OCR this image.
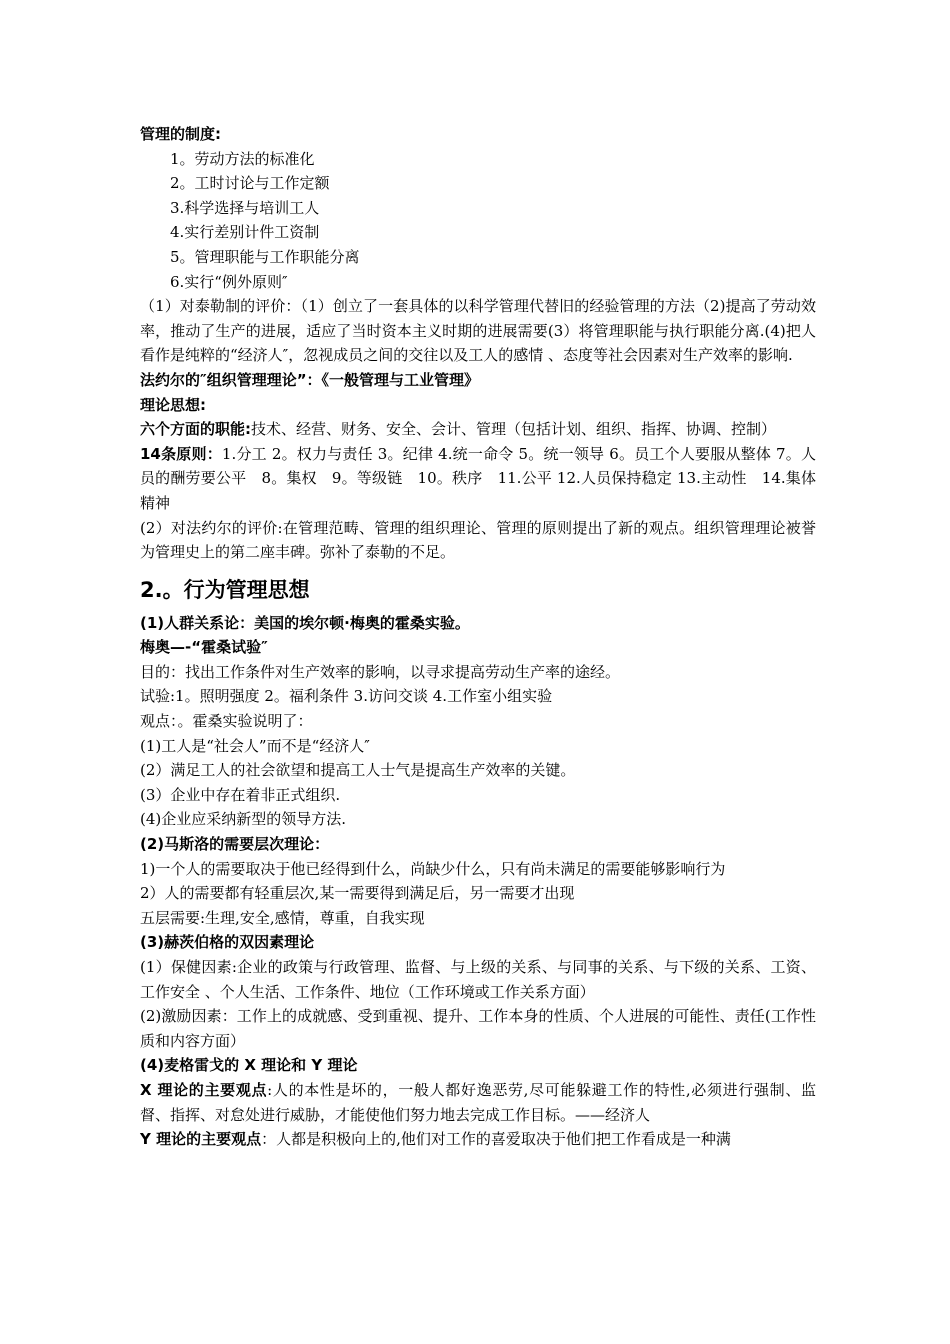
管理的制度:
1。劳动方法的标准化
2。工时讨论与工作定额
3.科学选择与培训工人
4.实行差别计件工资制
5。管理职能与工作职能分离
6.实行“例外原则″
（1）对泰勒制的评价：（1）创立了一套具体的以科学管理代替旧的经验管理的方法（2)提高了劳动效率，推动了生产的进展，适应了当时资本主义时期的进展需要(3）将管理职能与执行职能分离.(4)把人看作是纯粹的“经济人″，忽视成员之间的交往以及工人的感情 、态度等社会因素对生产效率的影响.
法约尔的″组织管理理论”：《一般管理与工业管理》
理论思想:
六个方面的职能:技术、经营、财务、安全、会计、管理（包括计划、组织、指挥、协调、控制）
14条原则：1.分工 2。权力与责任 3。纪律 4.统一命令 5。统一领导 6。员工个人要服从整体 7。人员的酬劳要公平　8。集权　9。等级链　10。秩序　11.公平 12.人员保持稳定 13.主动性　14.集体精神
(2）对法约尔的评价:在管理范畴、管理的组织理论、管理的原则提出了新的观点。组织管理理论被誉为管理史上的第二座丰碑。弥补了泰勒的不足。
2.。行为管理思想
(1)人群关系论：美国的埃尔顿·梅奥的霍桑实验。
梅奥—-“霍桑试验″
目的：找出工作条件对生产效率的影响，以寻求提高劳动生产率的途经。
试验:1。照明强度 2。福利条件 3.访问交谈 4.工作室小组实验
观点：。霍桑实验说明了：
(1)工人是“社会人”而不是“经济人″
(2）满足工人的社会欲望和提高工人士气是提高生产效率的关键。
(3）企业中存在着非正式组织.
(4)企业应采纳新型的领导方法.
(2)马斯洛的需要层次理论：
1)一个人的需要取决于他已经得到什么，尚缺少什么，只有尚未满足的需要能够影响行为
2）人的需要都有轻重层次,某一需要得到满足后，另一需要才出现
五层需要:生理,安全,感情，尊重，自我实现
(3)赫茨伯格的双因素理论
(1）保健因素:企业的政策与行政管理、监督、与上级的关系、与同事的关系、与下级的关系、工资、工作安全 、个人生活、工作条件、地位（工作环境或工作关系方面）
(2)激励因素：工作上的成就感、受到重视、提升、工作本身的性质、个人进展的可能性、责任(工作性质和内容方面）
(4)麦格雷戈的 X 理论和 Y 理论
X 理论的主要观点:人的本性是坏的，一般人都好逸恶劳,尽可能躲避工作的特性,必须进行强制、监督、指挥、对怠处进行威胁，才能使他们努力地去完成工作目标。——经济人
Y 理论的主要观点：人都是积极向上的,他们对工作的喜爱取决于他们把工作看成是一种满
